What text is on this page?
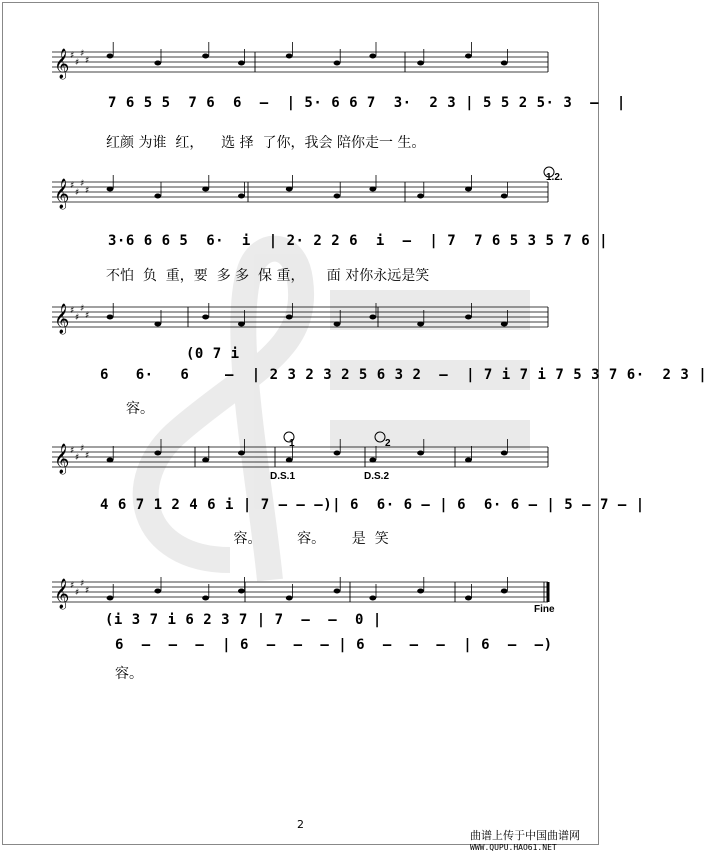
𝄞 ♯
♯
♯
♯
𝄞 ♯
♯
♯
♯
𝄞 ♯
♯
♯
♯
𝄞 ♯
♯
♯
♯
𝄞 ♯
♯
♯
♯
7 6 5 5  7 6  6  –  | 5· 6 6 7  3·  2 3 | 5 5 2 5· 3  –  |
红颜 为谁  红，    选 择  了你，我会 陪你走一 生。
1.2.
3·6 6 6 5  6·  i  | 2· 2 2 6  i  –  | 7  7 6 5 3 5 7 6 |
不怕  负  重，要  多 多  保 重，     面 对你永远是笑
(0 7 i
6   6·   6    –  | 2 3 2 3 2 5 6 3 2  –  | 7 i 7 i 7 5 3 7 6·  2 3 |
容。
1	2
D.S.1	D.S.2
4 6 7 1 2 4 6 i | 7 – – –)| 6  6· 6 – | 6  6· 6 – | 5 – 7 – |
容。        容。      是  笑
Fine
(i 3 7 i 6 2 3 7 | 7  –  –  0 |
6  –  –  –  | 6  –  –  – | 6  –  –  –  | 6  –  –)
容。
2
曲谱上传于中国曲谱网
WWW.QUPU.HAO61.NET
